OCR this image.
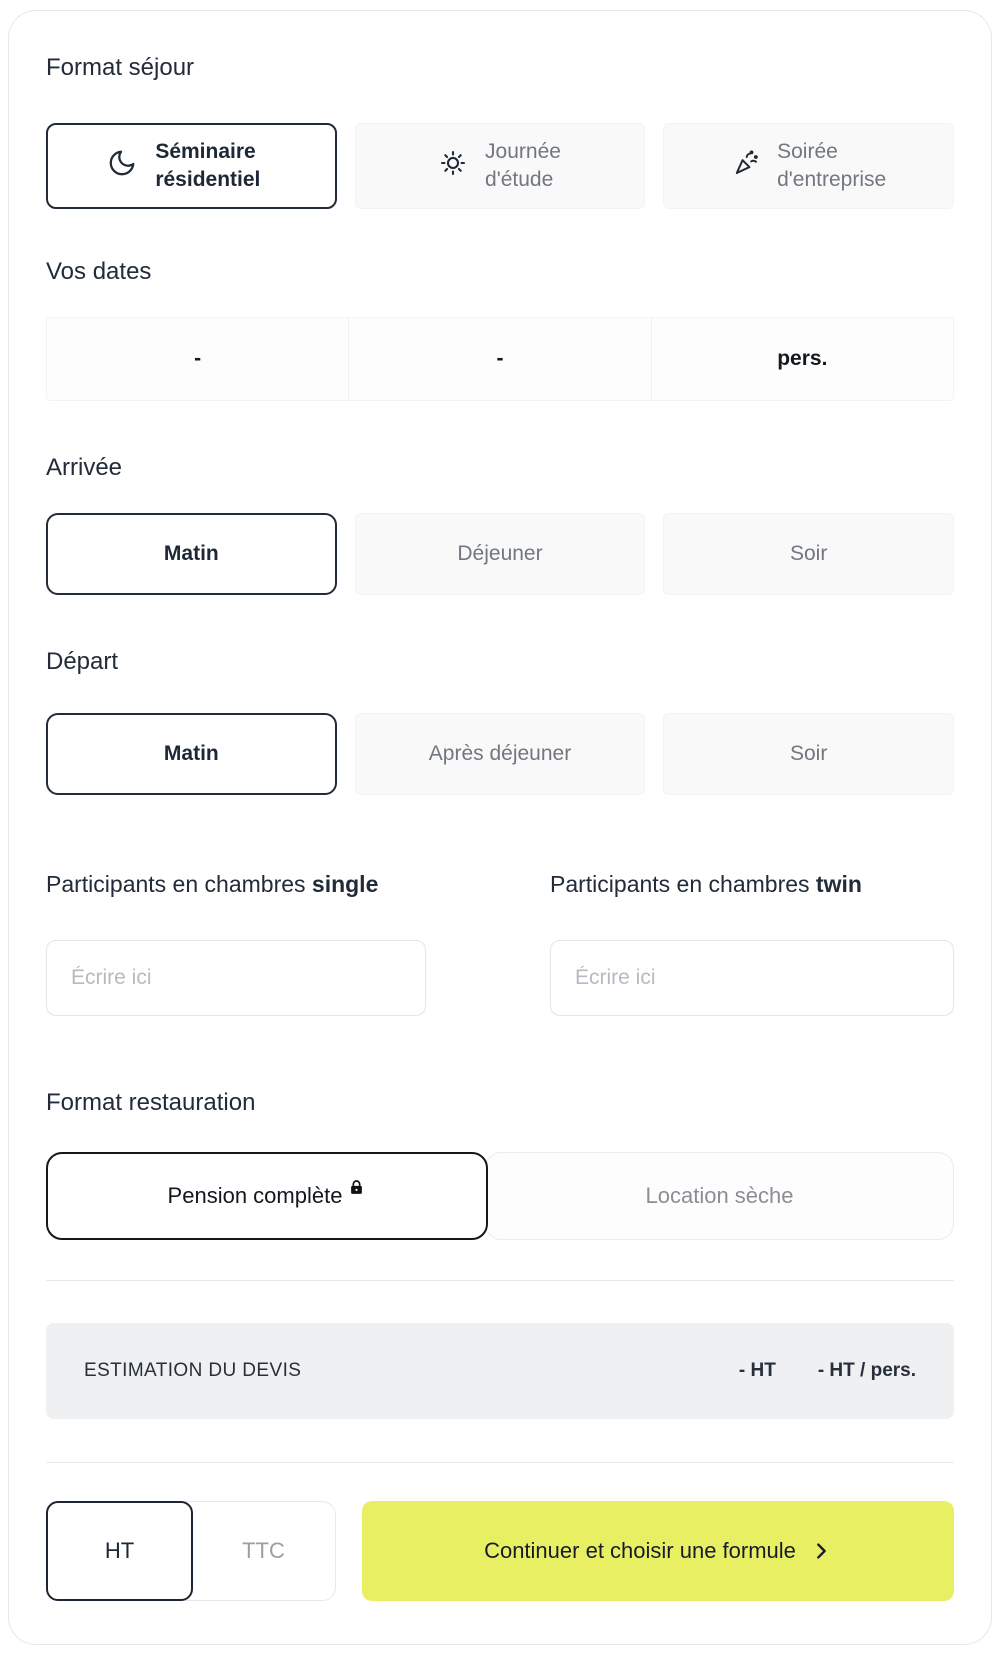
Format séjour
Séminaire résidentiel
Journée
d'étude
Soirée
d'entreprise
Vos dates
-	-	pers.
Arrivée
Matin	Déjeuner	Soir
Départ
Matin	Après déjeuner	Soir
Participants en chambres single	Participants en chambres twin
Écrire ici
Écrire ici
Format restauration
Pension complète	Location sèche
ESTIMATION DU DEVIS	- HT - HT / pers.
HT	TTC	Continuer et choisir une formule
